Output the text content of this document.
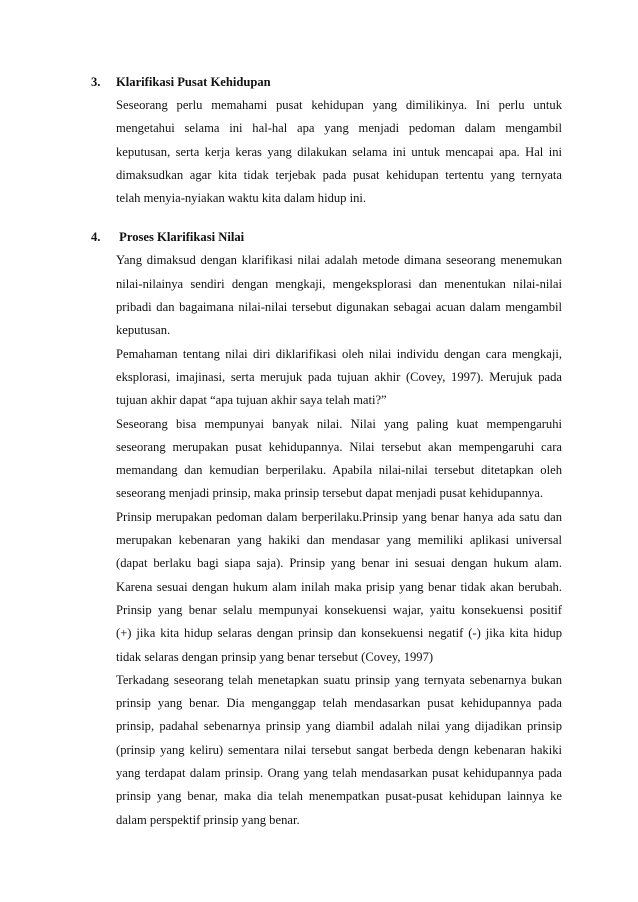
3.	Klarifikasi Pusat Kehidupan
Seseorang perlu memahami pusat kehidupan yang dimilikinya. Ini perlu untuk
mengetahui selama ini hal-hal apa yang menjadi pedoman dalam mengambil
keputusan, serta kerja keras yang dilakukan selama ini untuk mencapai apa. Hal ini
dimaksudkan agar kita tidak terjebak pada pusat kehidupan tertentu yang ternyata
telah menyia-nyiakan waktu kita dalam hidup ini.
4.	Proses Klarifikasi Nilai
Yang dimaksud dengan klarifikasi nilai adalah metode dimana seseorang menemukan
nilai-nilainya sendiri dengan mengkaji, mengeksplorasi dan menentukan nilai-nilai
pribadi dan bagaimana nilai-nilai tersebut digunakan sebagai acuan dalam mengambil
keputusan.
Pemahaman tentang nilai diri diklarifikasi oleh nilai individu dengan cara mengkaji,
eksplorasi, imajinasi, serta merujuk pada tujuan akhir (Covey, 1997). Merujuk pada
tujuan akhir dapat “apa tujuan akhir saya telah mati?”
Seseorang bisa mempunyai banyak nilai. Nilai yang paling kuat mempengaruhi
seseorang merupakan pusat kehidupannya. Nilai tersebut akan mempengaruhi cara
memandang dan kemudian berperilaku. Apabila nilai-nilai tersebut ditetapkan oleh
seseorang menjadi prinsip, maka prinsip tersebut dapat menjadi pusat kehidupannya.
Prinsip merupakan pedoman dalam berperilaku.Prinsip yang benar hanya ada satu dan
merupakan kebenaran yang hakiki dan mendasar yang memiliki aplikasi universal
(dapat berlaku bagi siapa saja). Prinsip yang benar ini sesuai dengan hukum alam.
Karena sesuai dengan hukum alam inilah maka prisip yang benar tidak akan berubah.
Prinsip yang benar selalu mempunyai konsekuensi wajar, yaitu konsekuensi positif
(+) jika kita hidup selaras dengan prinsip dan konsekuensi negatif (-) jika kita hidup
tidak selaras dengan prinsip yang benar tersebut (Covey, 1997)
Terkadang seseorang telah menetapkan suatu prinsip yang ternyata sebenarnya bukan
prinsip yang benar. Dia menganggap telah mendasarkan pusat kehidupannya pada
prinsip, padahal sebenarnya prinsip yang diambil adalah nilai yang dijadikan prinsip
(prinsip yang keliru) sementara nilai tersebut sangat berbeda dengn kebenaran hakiki
yang terdapat dalam prinsip. Orang yang telah mendasarkan pusat kehidupannya pada
prinsip yang benar, maka dia telah menempatkan pusat-pusat kehidupan lainnya ke
dalam perspektif prinsip yang benar.
